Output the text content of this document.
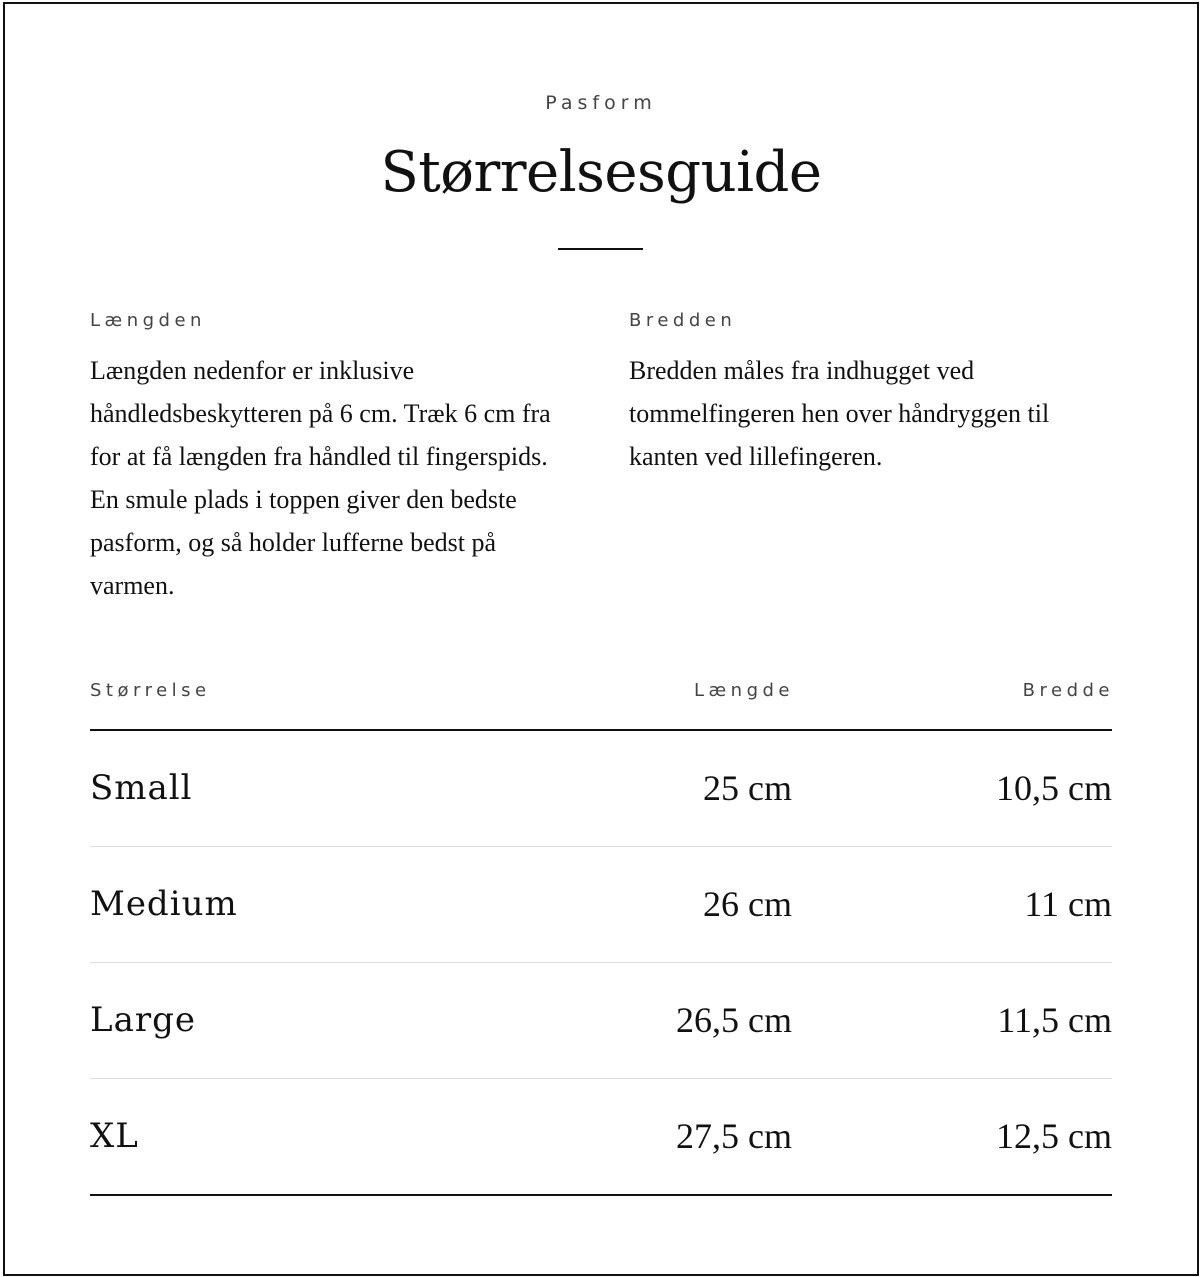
Pasform
Størrelsesguide
Længden

Længden nedenfor er inklusive håndledsbeskytteren på 6 cm. Træk 6 cm fra for at få længden fra håndled til fingerspids. En smule plads i toppen giver den bedste pasform, og så holder lufferne bedst på varmen.

Bredden

Bredden måles fra indhugget ved tommelfingeren hen over håndryggen til kanten ved lillefingeren.

Størrelse	Længde	Bredde
Small	25 cm	10,5 cm
Medium	26 cm	11 cm
Large	26,5 cm	11,5 cm
XL	27,5 cm	12,5 cm
